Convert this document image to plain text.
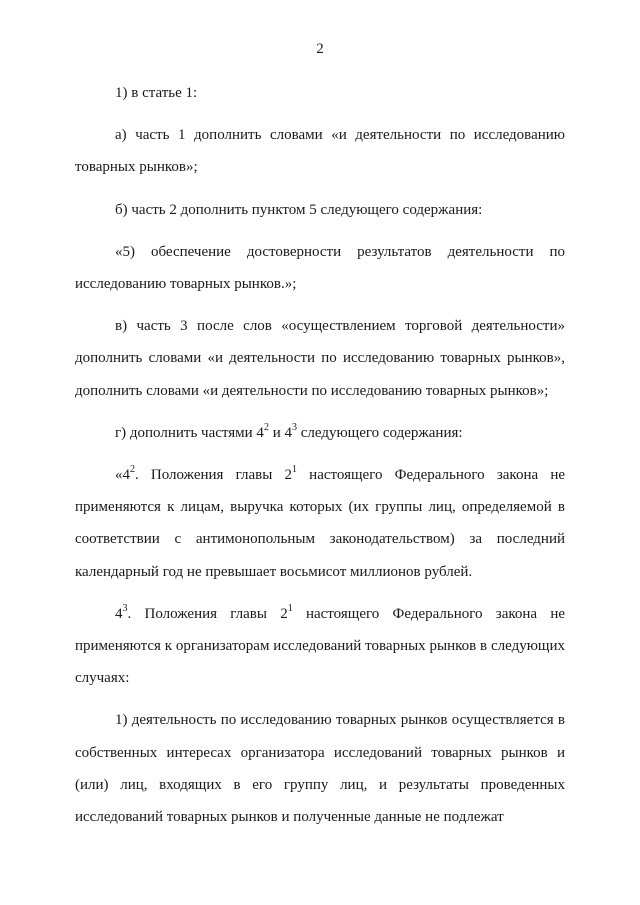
2

1) в статье 1:

а) часть 1 дополнить словами «и деятельности по исследованию товарных рынков»;

б) часть 2 дополнить пунктом 5 следующего содержания:

«5) обеспечение достоверности результатов деятельности по исследованию товарных рынков.»;

в) часть 3 после слов «осуществлением торговой деятельности» дополнить словами «и деятельности по исследованию товарных рынков», дополнить словами «и деятельности по исследованию товарных рынков»;

г) дополнить частями $4^2$ и $4^3$ следующего содержания:

«$4^2$. Положения главы $2^1$ настоящего Федерального закона не применяются к лицам, выручка которых (их группы лиц, определяемой в соответствии с антимонопольным законодательством) за последний календарный год не превышает восьмисот миллионов рублей.

$4^3$. Положения главы $2^1$ настоящего Федерального закона не применяются к организаторам исследований товарных рынков в следующих случаях:

1) деятельность по исследованию товарных рынков осуществляется в собственных интересах организатора исследований товарных рынков и (или) лиц, входящих в его группу лиц, и результаты проведенных исследований товарных рынков и полученные данные не подлежат
